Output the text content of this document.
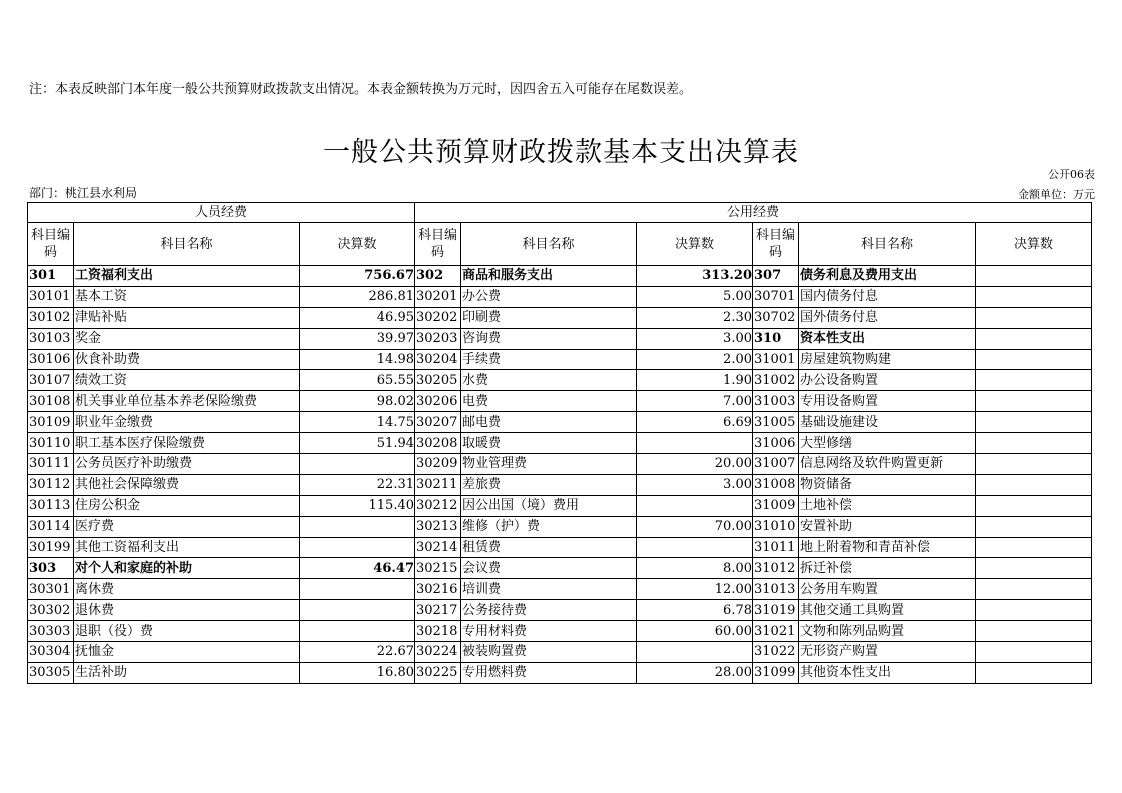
注：本表反映部门本年度一般公共预算财政拨款支出情况。本表金额转换为万元时，因四舍五入可能存在尾数误差。
一般公共预算财政拨款基本支出决算表
公开06表
部门：桃江县水利局	金额单位：万元
人员经费			公用经费					
科目编码	科目名称	决算数	科目编码	科目名称	决算数	科目编码	科目名称	决算数
301	工资福利支出	756.67	302	商品和服务支出	313.20	307	债务利息及费用支出	
30101	基本工资	286.81	30201	办公费	5.00	30701	国内债务付息	
30102	津贴补贴	46.95	30202	印刷费	2.30	30702	国外债务付息	
30103	奖金	39.97	30203	咨询费	3.00	310	资本性支出	
30106	伙食补助费	14.98	30204	手续费	2.00	31001	房屋建筑物购建	
30107	绩效工资	65.55	30205	水费	1.90	31002	办公设备购置	
30108	机关事业单位基本养老保险缴费	98.02	30206	电费	7.00	31003	专用设备购置	
30109	职业年金缴费	14.75	30207	邮电费	6.69	31005	基础设施建设	
30110	职工基本医疗保险缴费	51.94	30208	取暖费		31006	大型修缮	
30111	公务员医疗补助缴费		30209	物业管理费	20.00	31007	信息网络及软件购置更新	
30112	其他社会保障缴费	22.31	30211	差旅费	3.00	31008	物资储备	
30113	住房公积金	115.40	30212	因公出国（境）费用		31009	土地补偿	
30114	医疗费		30213	维修（护）费	70.00	31010	安置补助	
30199	其他工资福利支出		30214	租赁费		31011	地上附着物和青苗补偿	
303	对个人和家庭的补助	46.47	30215	会议费	8.00	31012	拆迁补偿	
30301	离休费		30216	培训费	12.00	31013	公务用车购置	
30302	退休费		30217	公务接待费	6.78	31019	其他交通工具购置	
30303	退职（役）费		30218	专用材料费	60.00	31021	文物和陈列品购置	
30304	抚恤金	22.67	30224	被装购置费		31022	无形资产购置	
30305	生活补助	16.80	30225	专用燃料费	28.00	31099	其他资本性支出	
